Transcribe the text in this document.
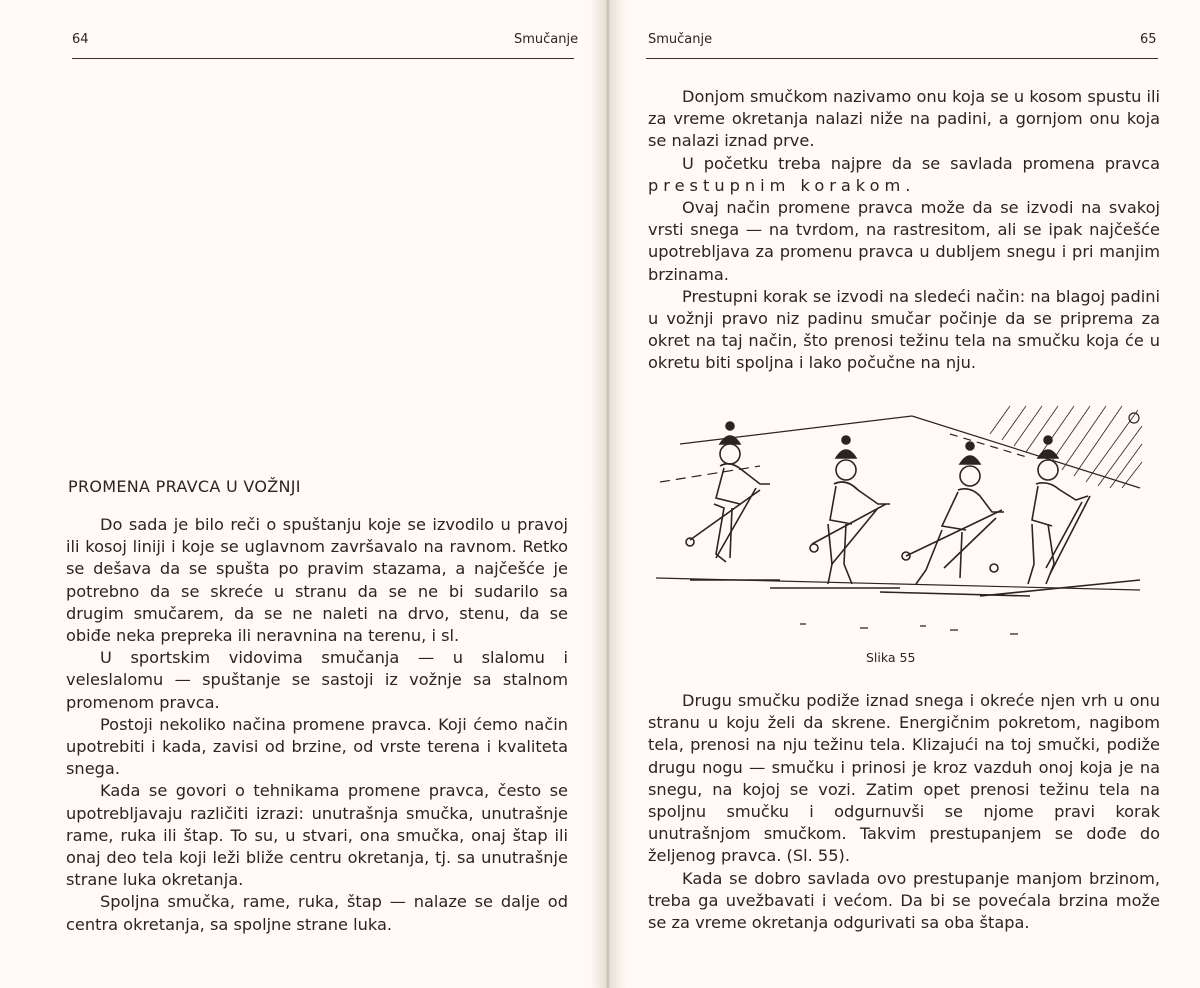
64	Smučanje
PROMENA PRAVCA U VOŽNJI

Do sada je bilo reči o spuštanju koje se izvodilo u pravoj ili kosoj liniji i koje se uglavnom završavalo na ravnom. Retko se dešava da se spušta po pravim stazama, a najčešće je potrebno da se skreće u stranu da se ne bi sudarilo sa drugim smučarem, da se ne naleti na drvo, stenu, da se obiđe neka prepreka ili neravnina na terenu, i sl.

U sportskim vidovima smučanja — u slalomu i veleslalomu — spuštanje se sastoji iz vožnje sa stalnom promenom pravca.

Postoji nekoliko načina promene pravca. Koji ćemo način upotrebiti i kada, zavisi od brzine, od vrste terena i kvaliteta snega.

Kada se govori o tehnikama promene pravca, često se upotrebljavaju različiti izrazi: unutrašnja smučka, unutrašnje rame, ruka ili štap. To su, u stvari, ona smučka, onaj štap ili onaj deo tela koji leži bliže centru okretanja, tj. sa unutrašnje strane luka okretanja.

Spoljna smučka, rame, ruka, štap — nalaze se dalje od centra okretanja, sa spoljne strane luka.

Smučanje	65

Donjom smučkom nazivamo onu koja se u kosom spustu ili za vreme okretanja nalazi niže na padini, a gornjom onu koja se nalazi iznad prve.

U početku treba najpre da se savlada promena pravca prestupnim korakom.

Ovaj način promene pravca može da se izvodi na svakoj vrsti snega — na tvrdom, na rastresitom, ali se ipak najčešće upotrebljava za promenu pravca u dubljem snegu i pri manjim brzinama.

Prestupni korak se izvodi na sledeći način: na blagoj padini u vožnji pravo niz padinu smučar počinje da se priprema za okret na taj način, što prenosi težinu tela na smučku koja će u okretu biti spoljna i lako počučne na nju.

Drugu smučku podiže iznad snega i okreće njen vrh u onu stranu u koju želi da skrene. Energičnim pokretom, nagibom tela, prenosi na nju težinu tela. Klizajući na toj smučki, podiže drugu nogu — smučku i prinosi je kroz vazduh onoj koja je na snegu, na kojoj se vozi. Zatim opet prenosi težinu tela na spoljnu smučku i odgurnuvši se njome pravi korak unutrašnjom smučkom. Takvim prestupanjem se dođe do željenog pravca. (Sl. 55).

Kada se dobro savlada ovo prestupanje manjom brzinom, treba ga uvežbavati i većom. Da bi se povećala brzina može se za vreme okretanja odgurivati sa oba štapa.

Slika 55
